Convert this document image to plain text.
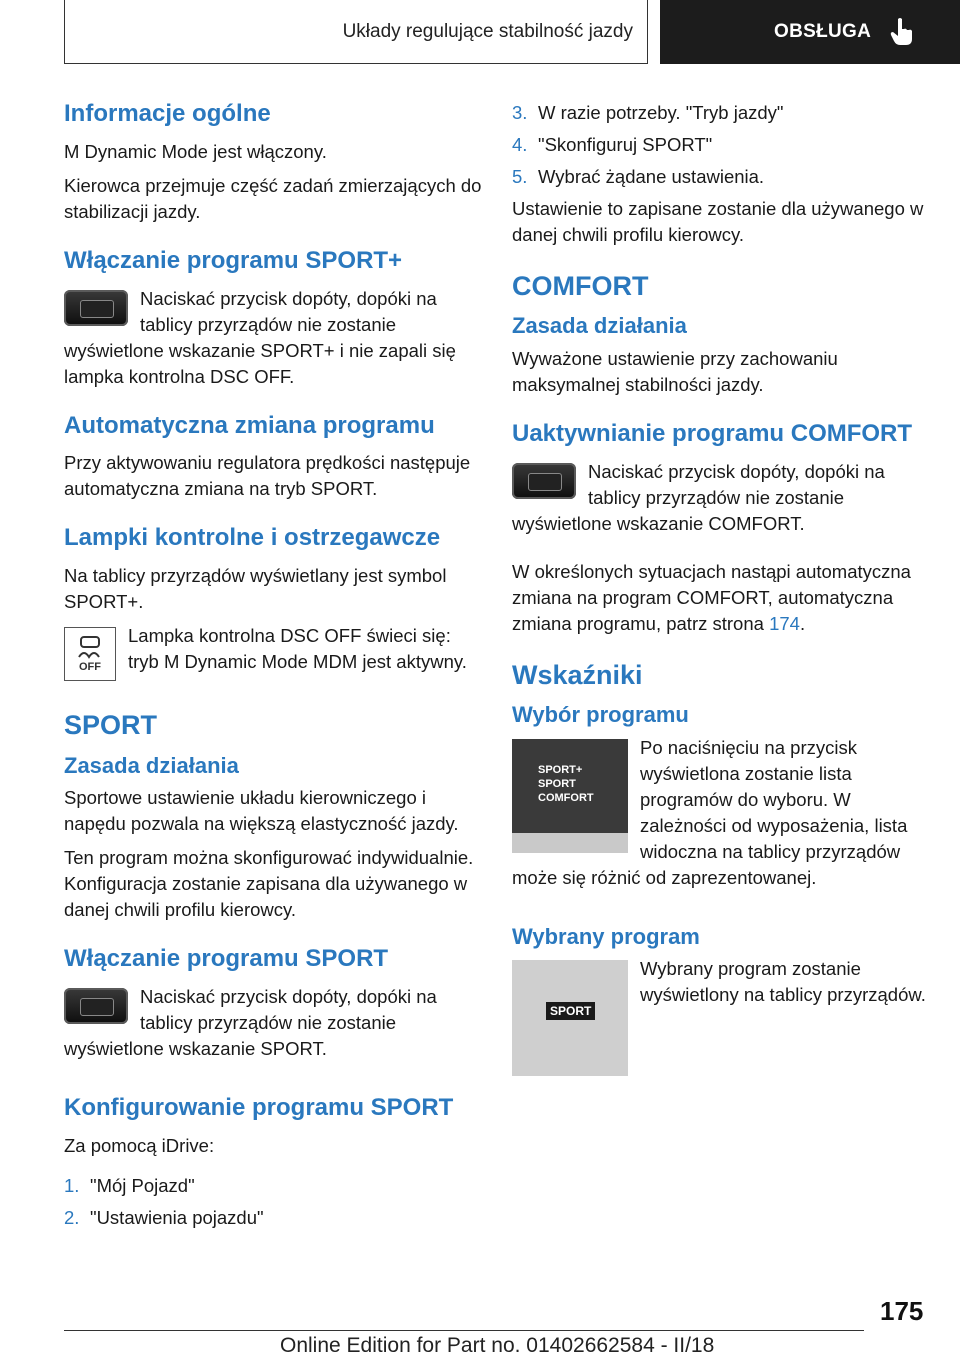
Układy regulujące stabilność jazdy	OBSŁUGA
Informacje ogólne

M Dynamic Mode jest włączony.

Kierowca przejmuje część zadań zmierzających do stabilizacji jazdy.

Włączanie programu SPORT+

Naciskać przycisk dopóty, dopóki na tablicy przyrządów nie zostanie wyświetlone wskazanie SPORT+ i nie zapali się lampka kontrolna DSC OFF.

Automatyczna zmiana programu

Przy aktywowaniu regulatora prędkości następuje automatyczna zmiana na tryb SPORT.

Lampki kontrolne i ostrzegawcze

Na tablicy przyrządów wyświetlany jest symbol SPORT+.

OFF

Lampka kontrolna DSC OFF świeci się: tryb M Dynamic Mode MDM jest aktywny.

SPORT
Zasada działania

Sportowe ustawienie układu kierowniczego i napędu pozwala na większą elastyczność jazdy.

Ten program można skonfigurować indywidualnie. Konfiguracja zostanie zapisana dla używanego w danej chwili profilu kierowcy.

Włączanie programu SPORT

Naciskać przycisk dopóty, dopóki na tablicy przyrządów nie zostanie wyświetlone wskazanie SPORT.

Konfigurowanie programu SPORT

Za pomocą iDrive:

1. "Mój Pojazd"
2. "Ustawienia pojazdu"
3. W razie potrzeby. "Tryb jazdy"
4. "Skonfiguruj SPORT"
5. Wybrać żądane ustawienia.

Ustawienie to zapisane zostanie dla używanego w danej chwili profilu kierowcy.

COMFORT
Zasada działania

Wyważone ustawienie przy zachowaniu maksymalnej stabilności jazdy.

Uaktywnianie programu COMFORT

Naciskać przycisk dopóty, dopóki na tablicy przyrządów nie zostanie wyświetlone wskazanie COMFORT.

W określonych sytuacjach nastąpi automatyczna zmiana na program COMFORT, automatyczna zmiana programu, patrz strona 174.

Wskaźniki
Wybór programu
SPORT+
SPORT
COMFORT

Po naciśnięciu na przycisk wyświetlona zostanie lista programów do wyboru. W zależności od wyposażenia, lista widoczna na tablicy przyrządów może się różnić od zaprezentowanej.

Wybrany program
SPORT

Wybrany program zostanie wyświetlony na tablicy przyrządów.

175
Online Edition for Part no. 01402662584 - II/18
